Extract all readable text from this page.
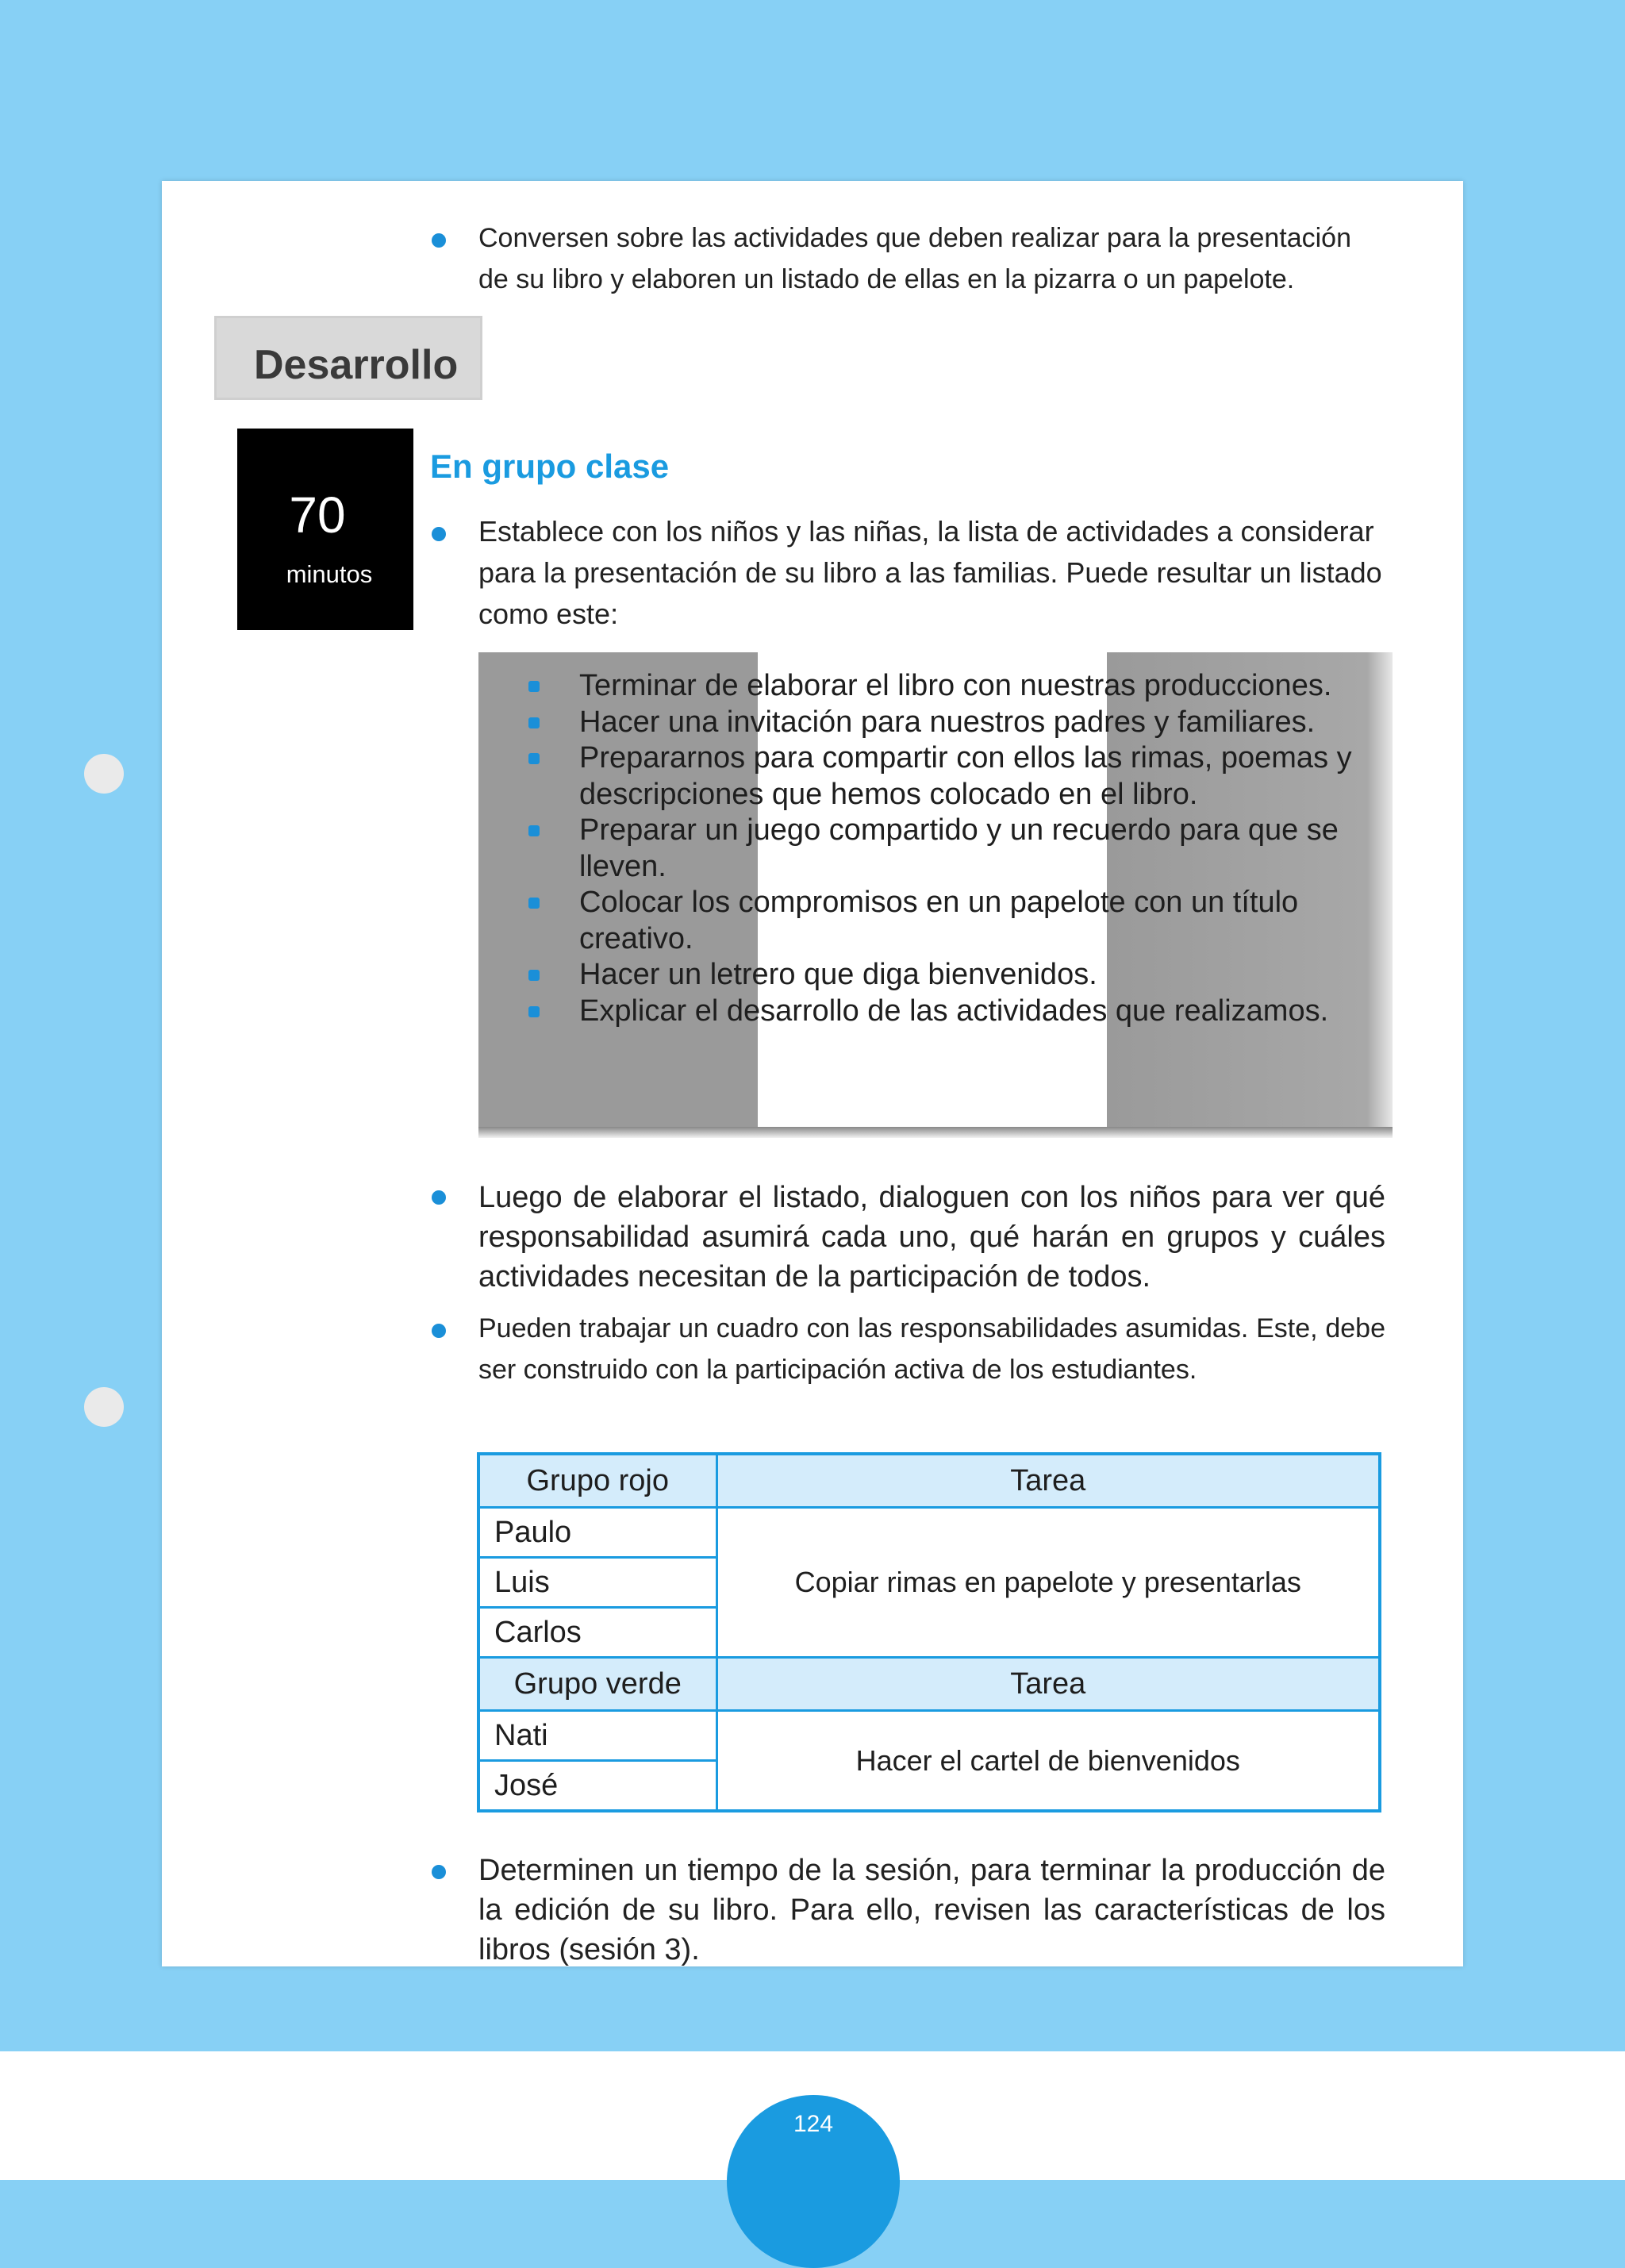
124

Conversen sobre las actividades que deben realizar para la presentación de su libro y elaboren un listado de ellas en la pizarra o un papelote.

Desarrollo
70
minutos
En grupo clase

Establece con los niños y las niñas, la lista de actividades a considerar para la presentación de su libro a las familias. Puede resultar un listado como este:

Terminar de elaborar el libro con nuestras producciones.
Hacer una invitación para nuestros padres y familiares.
Prepararnos para compartir con ellos las rimas, poemas y descripciones que hemos colocado en el libro.
Preparar un juego compartido y un recuerdo para que se lleven.
Colocar los compromisos en un papelote con un título creativo.
Hacer un letrero que diga bienvenidos.
Explicar el desarrollo de las actividades que realizamos.

Luego de elaborar el listado, dialoguen con los niños para ver qué responsabilidad asumirá cada uno, qué harán en grupos y cuáles actividades necesitan de la participación de todos.

Pueden trabajar un cuadro con las responsabilidades asumidas. Este, debe ser construido con la participación activa de los estudiantes.

Grupo rojo	Tarea
Paulo	Copiar rimas en papelote y presentarlas
Luis	
Carlos	
Grupo verde	Tarea
Nati	Hacer el cartel de bienvenidos
José	

Determinen un tiempo de la sesión, para terminar la producción de la edición de su libro. Para ello, revisen las características de los libros (sesión 3).
